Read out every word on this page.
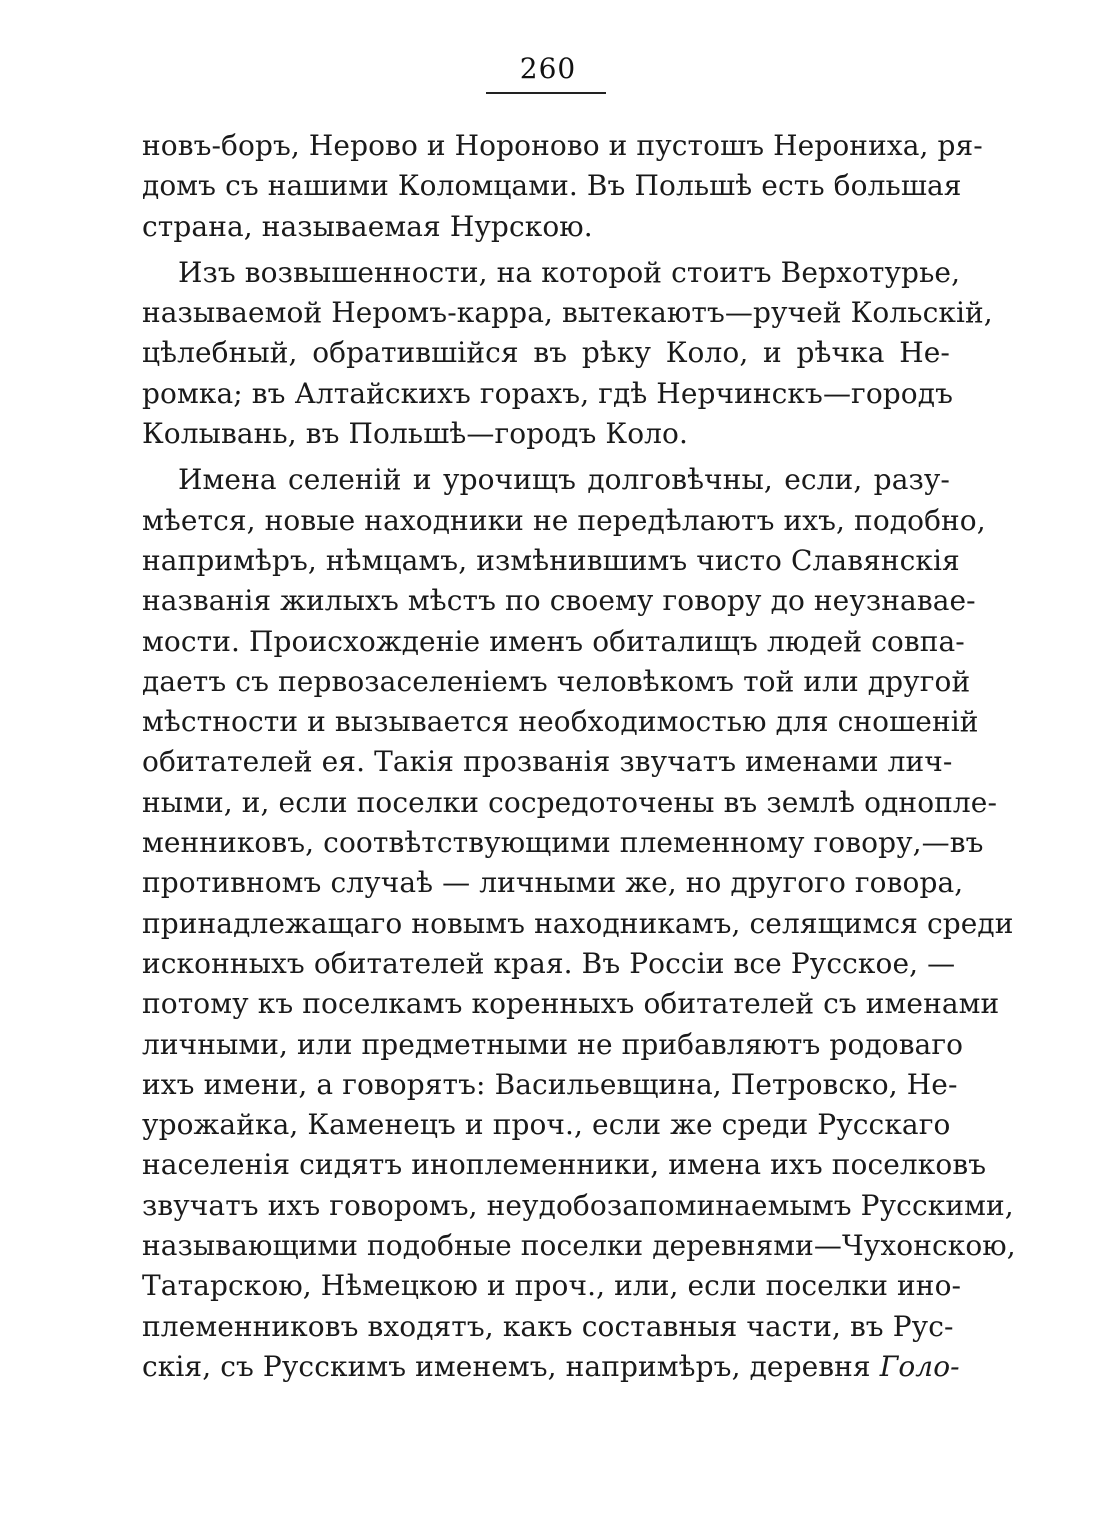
260
новъ-боръ, Нерово и Нороново и пустошъ Нерониха, ря-
домъ съ нашими Коломцами. Въ Польшѣ есть большая
страна, называемая Нурскою.
Изъ возвышенности, на которой стоитъ Верхотурье,
называемой Неромъ-карра, вытекаютъ—ручей Кольскій,
цѣлебный, обратившійся въ рѣку Коло, и рѣчка Не-
ромка; въ Алтайскихъ горахъ, гдѣ Нерчинскъ—городъ
Колывань, въ Польшѣ—городъ Коло.
Имена селеній и урочищъ долговѣчны, если, разу-
мѣется, новые находники не передѣлаютъ ихъ, подобно,
напримѣръ, нѣмцамъ, измѣнившимъ чисто Славянскія
названія жилыхъ мѣстъ по своему говору до неузнавае-
мости. Происхожденіе именъ обиталищъ людей совпа-
даетъ съ первозаселеніемъ человѣкомъ той или другой
мѣстности и вызывается необходимостью для сношеній
обитателей ея. Такія прозванія звучатъ именами лич-
ными, и, если поселки сосредоточены въ землѣ одноплe-
менниковъ, соотвѣтствующими племенному говору,—въ
противномъ случаѣ — личными же, но другого говора,
принадлежащаго новымъ находникамъ, селящимся среди
исконныхъ обитателей края. Въ Россіи все Русское, —
потому къ поселкамъ коренныхъ обитателей съ именами
личными, или предметными не прибавляютъ родоваго
ихъ имени, а говорятъ: Васильевщина, Петровско, Не-
урожайка, Каменецъ и проч., если же среди Русскаго
населенія сидятъ иноплеменники, имена ихъ поселковъ
звучатъ ихъ говоромъ, неудобозапоминаемымъ Русскими,
называющими подобные поселки деревнями—Чухонскою,
Татарскою, Нѣмецкою и проч., или, если поселки ино-
племенниковъ входятъ, какъ составныя части, въ Рус-
скія, съ Русскимъ именемъ, напримѣръ, деревня Голо-
